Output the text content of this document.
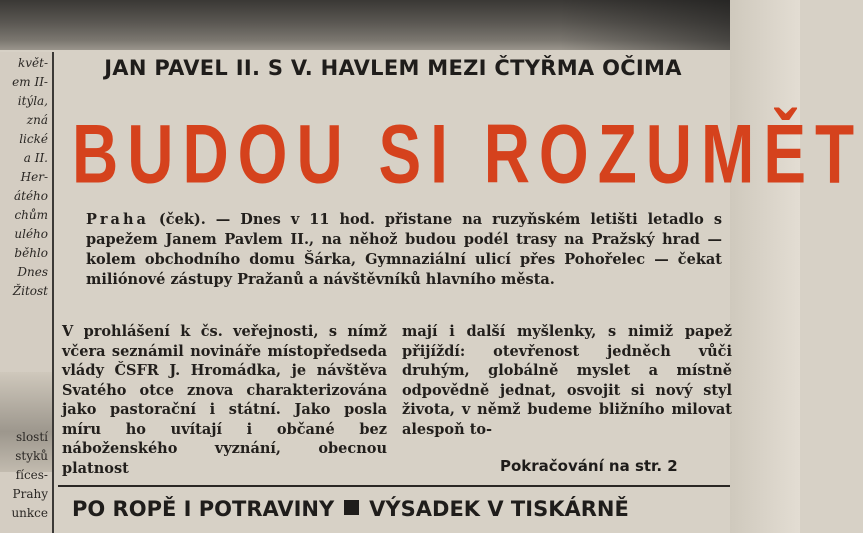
květ-
em II-
itýla,
zná
lické
a II.
Her-
átého
chům
ulého
běhlo
Dnes
Žitost
slostí
styků
fíces-
Prahy
unkce
JAN PAVEL II. S V. HAVLEM MEZI ČTYŘMA OČIMA
BUDOU SI ROZUMĚT
Praha (ček). — Dnes v 11 hod. přistane na ruzyňském letišti letadlo s papežem Janem Pavlem II., na něhož budou podél trasy na Pražský hrad — kolem obchodního domu Šárka, Gymnaziální ulicí přes Pohořelec — čekat miliónové zástupy Pražanů a návštěvníků hlavního města.
V prohlášení k čs. veřejnosti, s nímž včera seznámil novináře místopředseda vlády ČSFR J. Hromádka, je návštěva Svatého otce znova charakterizována jako pastorační i státní. Jako posla míru ho uvítají i občané bez náboženského vyznání, obecnou platnost
mají i další myšlenky, s nimiž papež přijíždí: otevřenost jedněch vůči druhým, globálně myslet a místně odpovědně jednat, osvojit si nový styl života, v němž budeme bližního milovat alespoň to-
Pokračování na str. 2
PO ROPĚ I POTRAVINY VÝSADEK V TISKÁRNĚ
